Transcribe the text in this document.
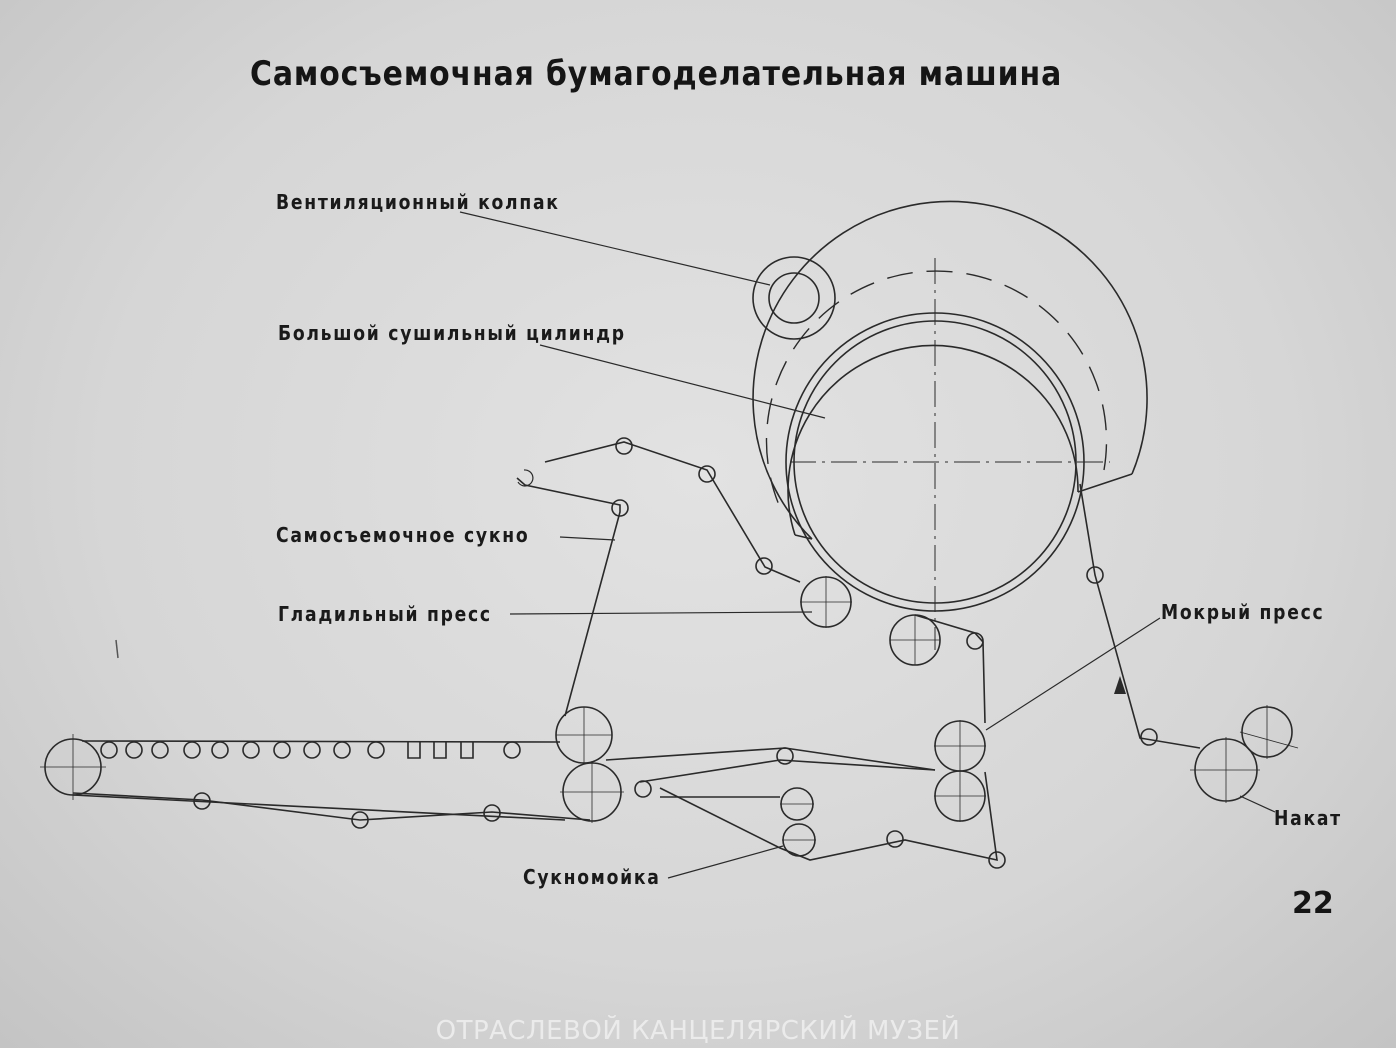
Самосъемочная бумагоделательная машина
Вентиляционный колпак
Большой сушильный цилиндр
Самосъемочное сукно
Гладильный пресс	Мокрый пресс
Накат
Сукномойка
22
ОТРАСЛЕВОЙ КАНЦЕЛЯРСКИЙ МУЗЕЙ
